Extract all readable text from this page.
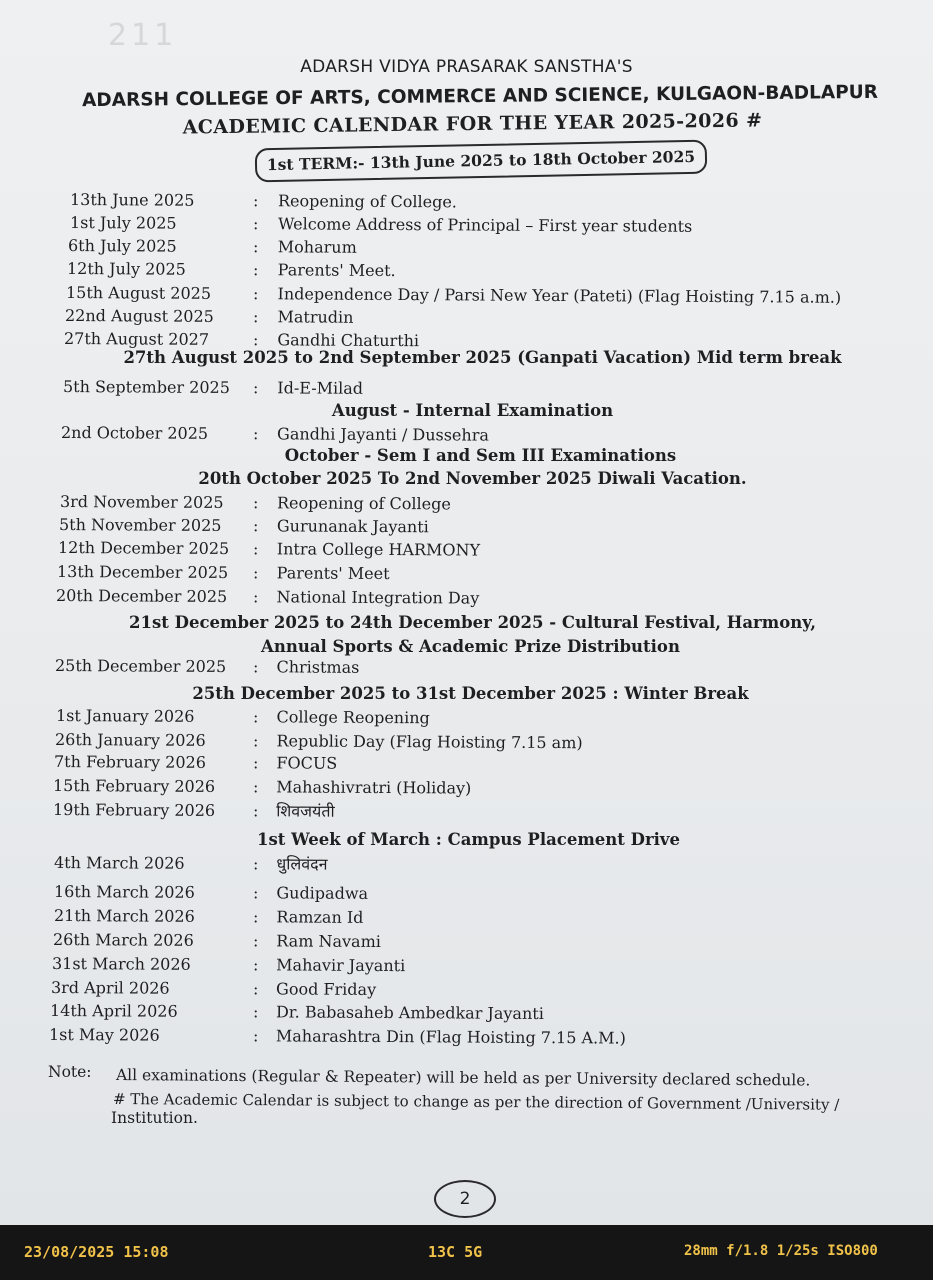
211
ADARSH VIDYA PRASARAK SANSTHA'S
ADARSH COLLEGE OF ARTS, COMMERCE AND SCIENCE, KULGAON-BADLAPUR
ACADEMIC CALENDAR FOR THE YEAR 2025-2026 #
1st TERM:- 13th June 2025 to 18th October 2025
13th June 2025	: Reopening of College.
1st July 2025	: Welcome Address of Principal – First year students
6th July 2025	: Moharum
12th July 2025	: Parents' Meet.
15th August 2025	: Independence Day / Parsi New Year (Pateti) (Flag Hoisting 7.15 a.m.)
22nd August 2025 : Matrudin
27th August 2027	: Gandhi Chaturthi
27th August 2025 to 2nd September 2025 (Ganpati Vacation) Mid term break
5th September 2025 : Id-E-Milad
August - Internal Examination
2nd October 2025	: Gandhi Jayanti / Dussehra
October - Sem I and Sem III Examinations
20th October 2025 To 2nd November 2025 Diwali Vacation.
3rd November 2025 : Reopening of College
5th November 2025 : Gurunanak Jayanti
12th December 2025 : Intra College HARMONY
13th December 2025 : Parents' Meet
20th December 2025 : National Integration Day
21st December 2025 to 24th December 2025 - Cultural Festival, Harmony,
Annual Sports & Academic Prize Distribution
25th December 2025 : Christmas
25th December 2025 to 31st December 2025 : Winter Break
1st January 2026	: College Reopening
26th January 2026	: Republic Day (Flag Hoisting 7.15 am)
7th February 2026	: FOCUS
15th February 2026 : Mahashivratri (Holiday)
19th February 2026 : शिवजयंती
1st Week of March : Campus Placement Drive
4th March 2026	: धुलिवंदन
16th March 2026	: Gudipadwa
21th March 2026	: Ramzan Id
26th March 2026	: Ram Navami
31st March 2026	: Mahavir Jayanti
3rd April 2026	: Good Friday
14th April 2026	: Dr. Babasaheb Ambedkar Jayanti
1st May 2026	: Maharashtra Din (Flag Hoisting 7.15 A.M.)
Note: All examinations (Regular & Repeater) will be held as per University declared schedule.
# The Academic Calendar is subject to change as per the direction of Government /University /
Institution.
2
23/08/2025 15:08	13C 5G	28mm f/1.8 1/25s ISO800
